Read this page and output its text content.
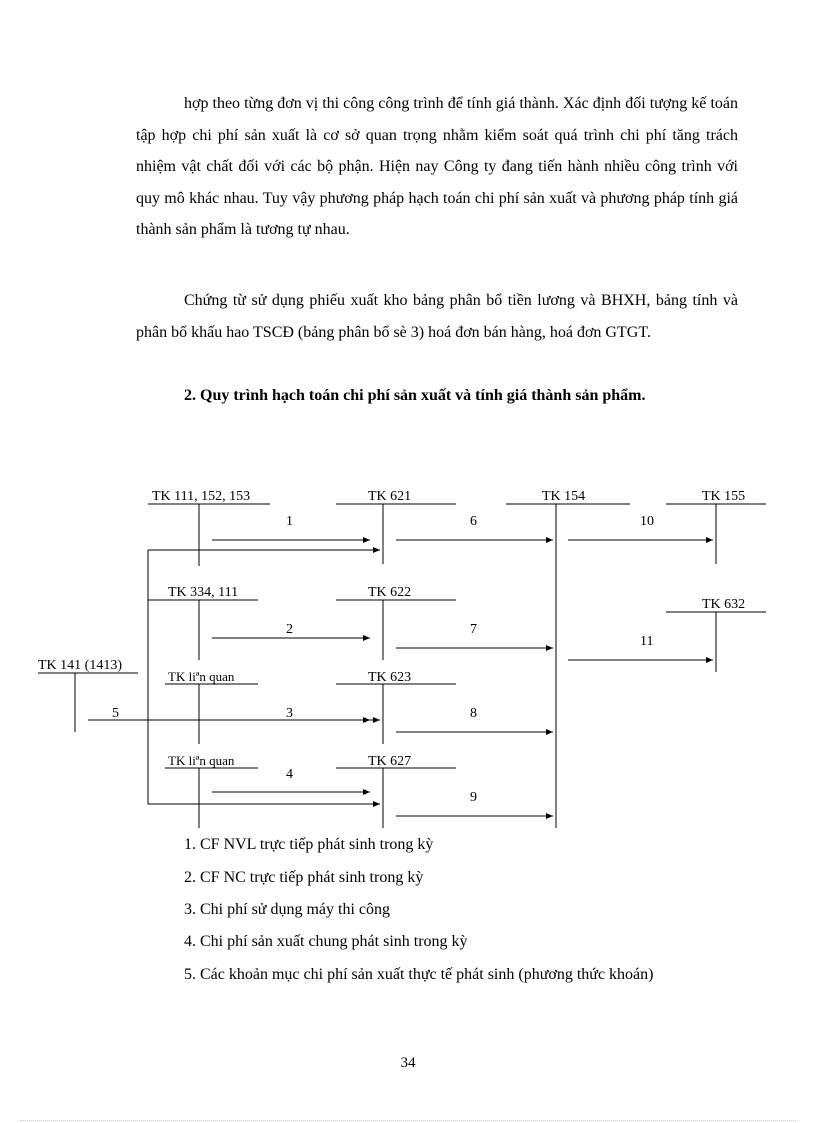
hợp theo từng đơn vị thi công công trình để tính giá thành. Xác định đối tượng kế toán tập hợp chi phí sản xuất là cơ sở quan trọng nhằm kiểm soát quá trình chi phí tăng trách nhiệm vật chất đối với các bộ phận. Hiện nay Công ty đang tiến hành nhiều công trình với quy mô khác nhau. Tuy vậy phương pháp hạch toán chi phí sản xuất và phương pháp tính giá thành sản phẩm là tương tự nhau.

Chứng từ sử dụng phiếu xuất kho bảng phân bổ tiền lương và BHXH, bảng tính và phân bổ khấu hao TSCĐ (bảng phân bổ sè 3) hoá đơn bán hàng, hoá đơn GTGT.

2. Quy trình hạch toán chi phí sản xuất và tính giá thành sản phẩm.

TK 111, 152, 153	TK 621	TK 154	TK 155
TK 334, 111	TK 622
TK 632
TK 141 (1413)
TK liªn quan	TK 623
TK liªn quan	TK 627
1
2
3
4
5
6
7
8
9
10
11
1. CF NVL trực tiếp phát sinh trong kỳ
2. CF NC trực tiếp phát sinh trong kỳ
3. Chi phí sử dụng máy thi công
4. Chi phí sản xuất chung phát sinh trong kỳ
5. Các khoản mục chi phí sản xuất thực tế phát sinh (phương thức khoán)
34
